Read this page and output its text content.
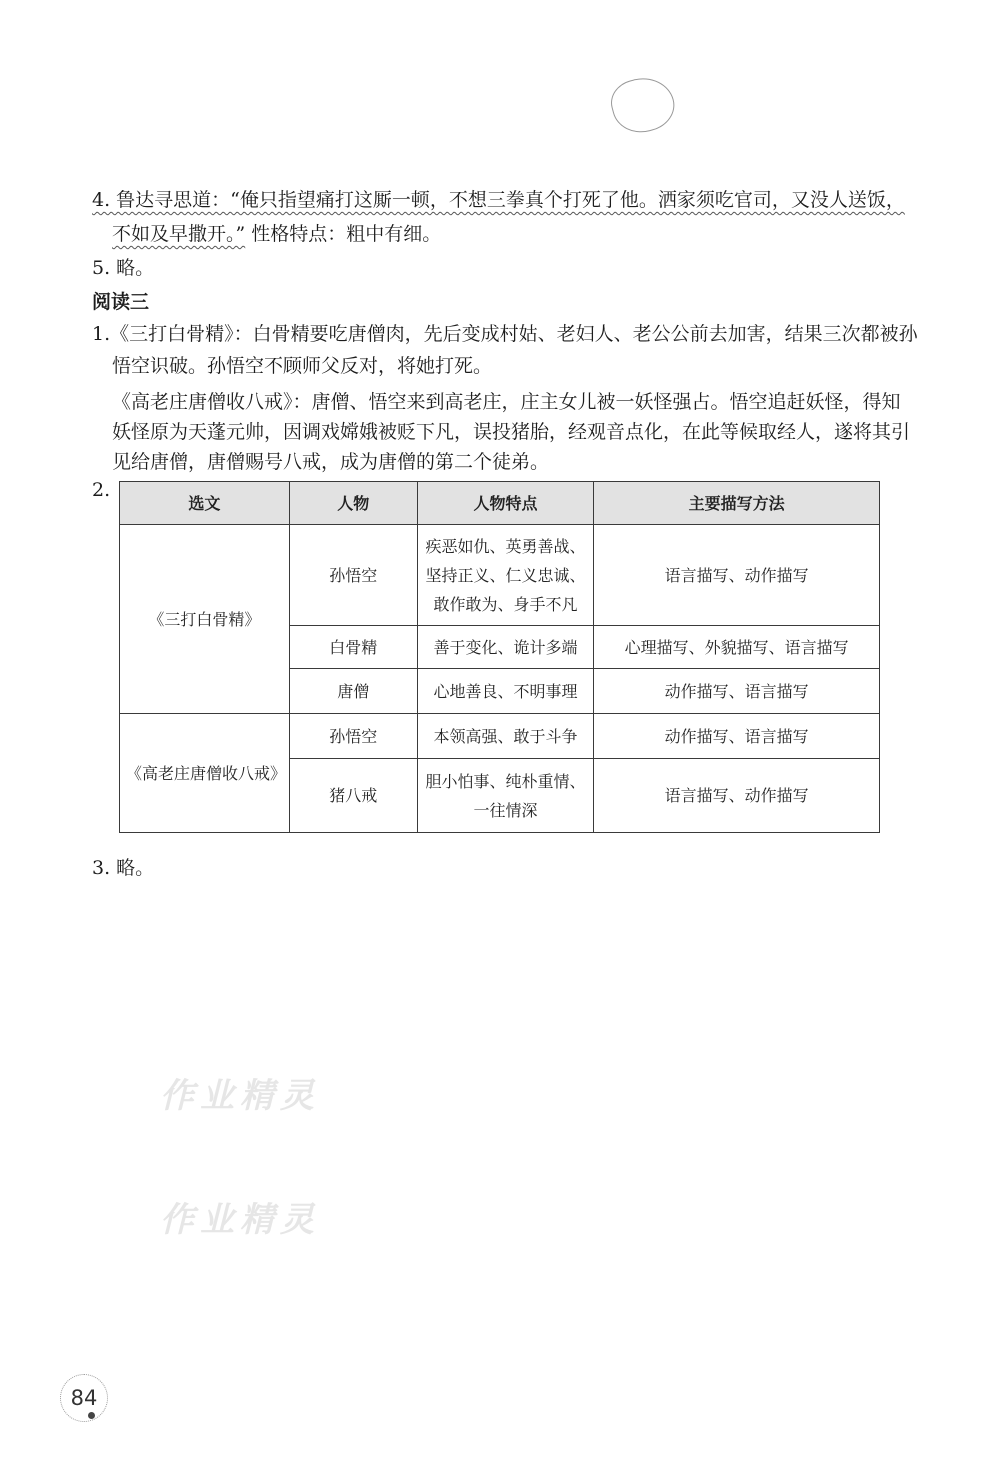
4. 鲁达寻思道：“俺只指望痛打这厮一顿，不想三拳真个打死了他。洒家须吃官司，又没人送饭，
不如及早撒开。” 性格特点：粗中有细。
5. 略。
阅读三
1.《三打白骨精》：白骨精要吃唐僧肉，先后变成村姑、老妇人、老公公前去加害，结果三次都被孙
悟空识破。孙悟空不顾师父反对，将她打死。
《高老庄唐僧收八戒》：唐僧、悟空来到高老庄，庄主女儿被一妖怪强占。悟空追赶妖怪，得知
妖怪原为天蓬元帅，因调戏嫦娥被贬下凡，误投猪胎，经观音点化，在此等候取经人，遂将其引
见给唐僧，唐僧赐号八戒，成为唐僧的第二个徒弟。
2.
选文	人物	人物特点	主要描写方法
《三打白骨精》	孙悟空	疾恶如仇、英勇善战、
坚持正义、仁义忠诚、
敢作敢为、身手不凡	语言描写、动作描写
	白骨精	善于变化、诡计多端	心理描写、外貌描写、语言描写
	唐僧	心地善良、不明事理	动作描写、语言描写
《高老庄唐僧收八戒》	孙悟空	本领高强、敢于斗争	动作描写、语言描写
	猪八戒	胆小怕事、纯朴重情、
一往情深	语言描写、动作描写
3. 略。
作业精灵
作业精灵
84
